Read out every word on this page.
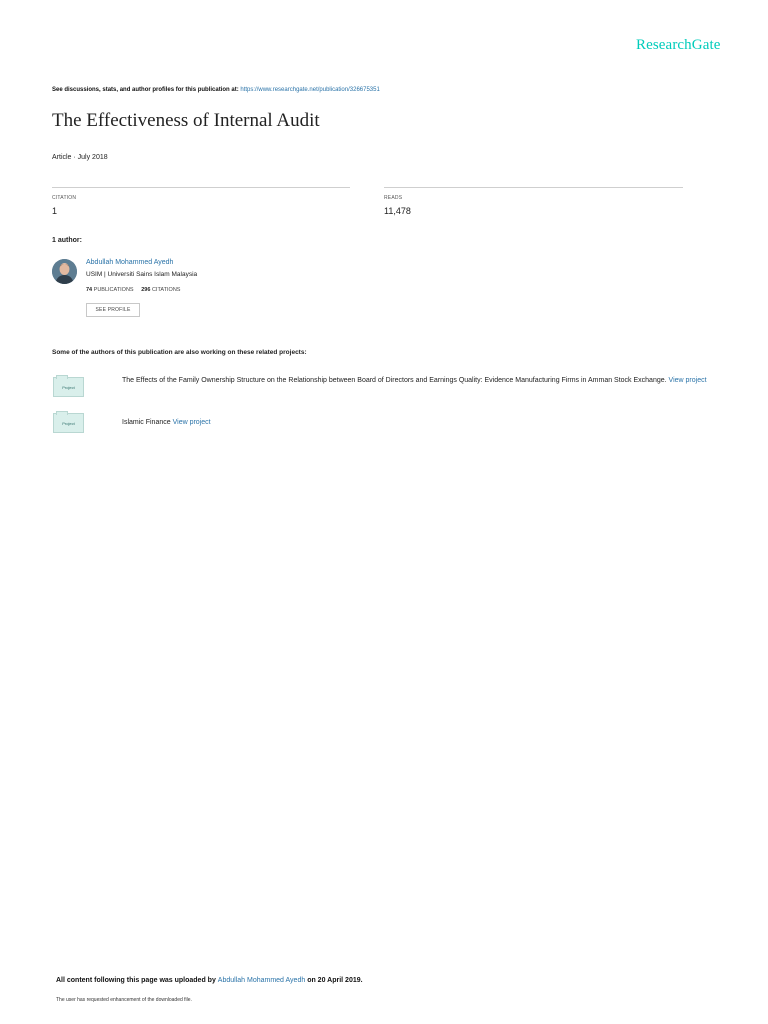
ResearchGate
See discussions, stats, and author profiles for this publication at: https://www.researchgate.net/publication/326675351
The Effectiveness of Internal Audit
Article · July 2018
CITATION
1
READS
11,478
1 author:
Abdullah Mohammed Ayedh
USIM | Universiti Sains Islam Malaysia
74 PUBLICATIONS 296 CITATIONS
SEE PROFILE
Some of the authors of this publication are also working on these related projects:
Project
The Effects of the Family Ownership Structure on the Relationship between Board of Directors and Earnings Quality: Evidence Manufacturing Firms in Amman Stock Exchange. View project
Project	Islamic Finance View project
All content following this page was uploaded by Abdullah Mohammed Ayedh on 20 April 2019.
The user has requested enhancement of the downloaded file.
